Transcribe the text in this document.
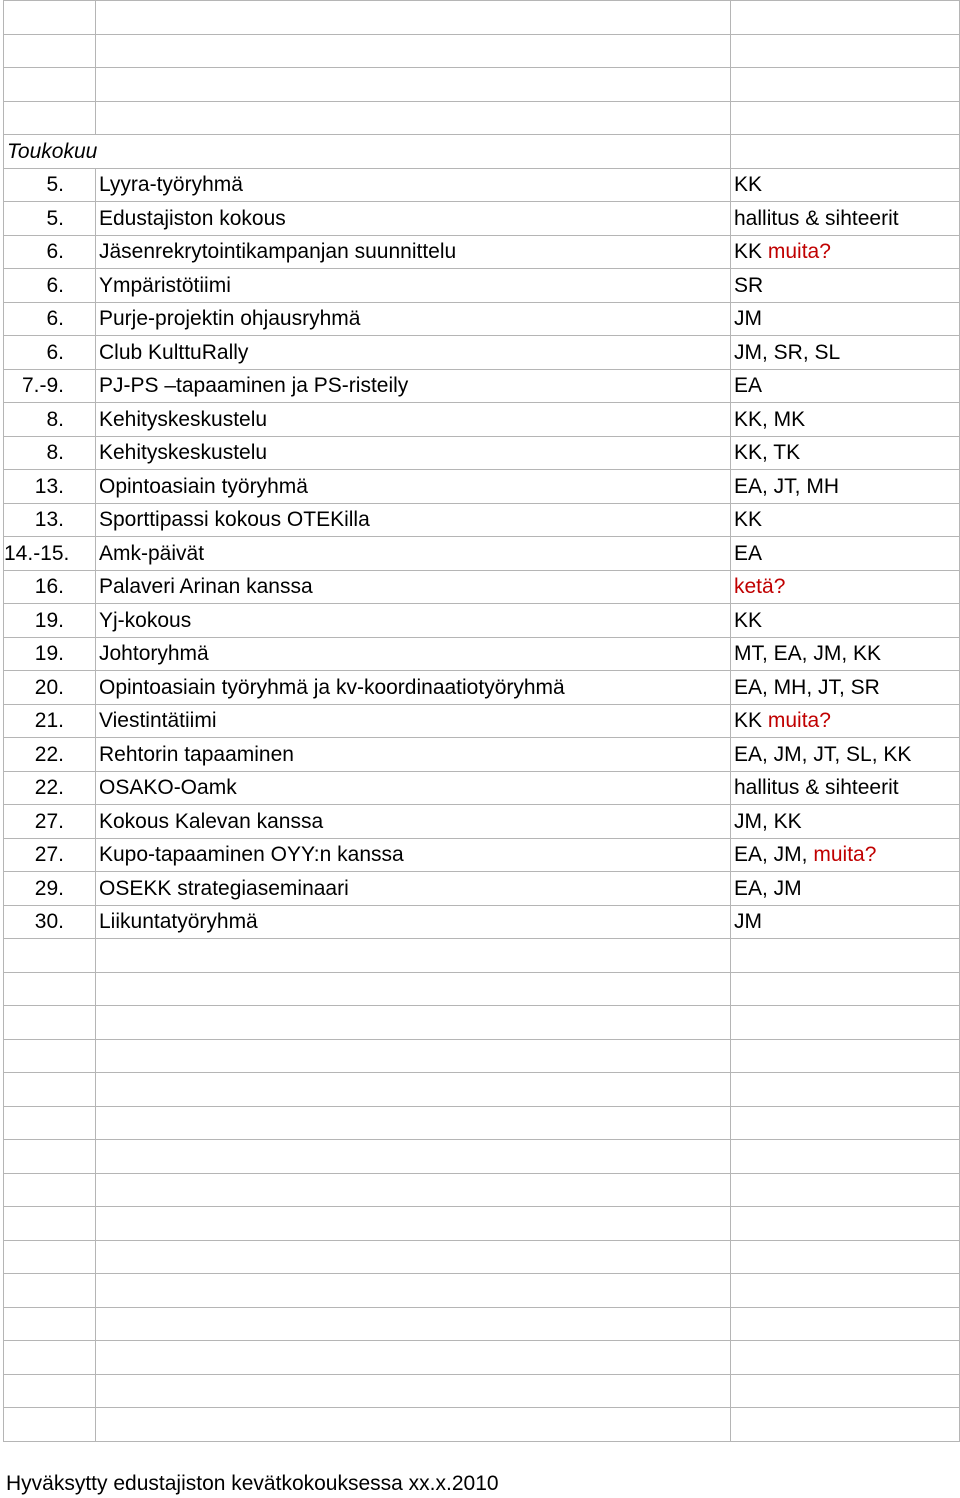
Toukokuu		
5.	Lyyra-työryhmä	KK
5.	Edustajiston kokous	hallitus & sihteerit
6.	Jäsenrekrytointikampanjan suunnittelu	KK muita?
6.	Ympäristötiimi	SR
6.	Purje-projektin ohjausryhmä	JM
6.	Club KulttuRally	JM, SR, SL
7.-9.	PJ-PS –tapaaminen ja PS-risteily	EA
8.	Kehityskeskustelu	KK, MK
8.	Kehityskeskustelu	KK, TK
13.	Opintoasiain työryhmä	EA, JT, MH
13.	Sporttipassi kokous OTEKilla	KK
14.-15.	Amk-päivät	EA
16.	Palaveri Arinan kanssa	ketä?
19.	Yj-kokous	KK
19.	Johtoryhmä	MT, EA, JM, KK
20.	Opintoasiain työryhmä ja kv-koordinaatiotyöryhmä	EA, MH, JT, SR
21.	Viestintätiimi	KK muita?
22.	Rehtorin tapaaminen	EA, JM, JT, SL, KK
22.	OSAKO-Oamk	hallitus & sihteerit
27.	Kokous Kalevan kanssa	JM, KK
27.	Kupo-tapaaminen OYY:n kanssa	EA, JM, muita?
29.	OSEKK strategiaseminaari	EA, JM
30.	Liikuntatyöryhmä	JM

Hyväksytty edustajiston kevätkokouksessa xx.x.2010
